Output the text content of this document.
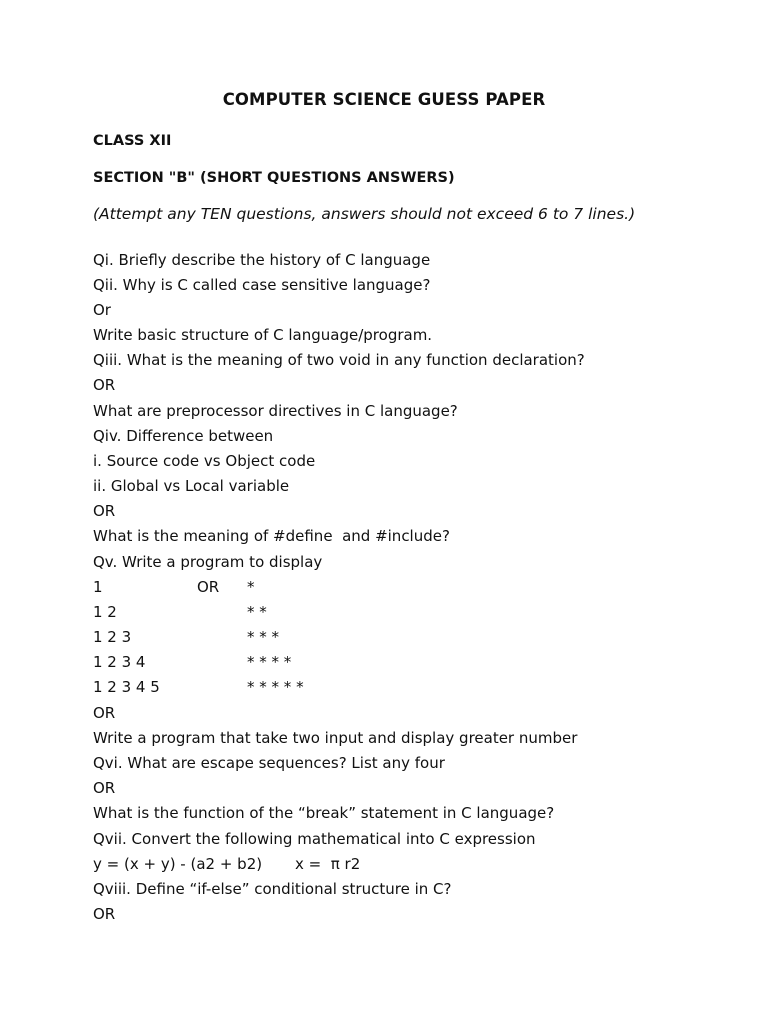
COMPUTER SCIENCE GUESS PAPER
CLASS XII
SECTION "B" (SHORT QUESTIONS ANSWERS)
(Attempt any TEN questions, answers should not exceed 6 to 7 lines.)
Qi. Briefly describe the history of C language
Qii. Why is C called case sensitive language?
Or
Write basic structure of C language/program.
Qiii. What is the meaning of two void in any function declaration?
OR
What are preprocessor directives in C language?
Qiv. Difference between
i. Source code vs Object code
ii. Global vs Local variable
OR
What is the meaning of #define  and #include?
Qv. Write a program to display
1	OR *
1 2	* *
1 2 3	* * *
1 2 3 4	* * * *
1 2 3 4 5	* * * * *
OR
Write a program that take two input and display greater number
Qvi. What are escape sequences? List any four
OR
What is the function of the “break” statement in C language?
Qvii. Convert the following mathematical into C expression
y = (x + y) - (a2 + b2) x =  π r2
Qviii. Define “if-else” conditional structure in C?
OR
